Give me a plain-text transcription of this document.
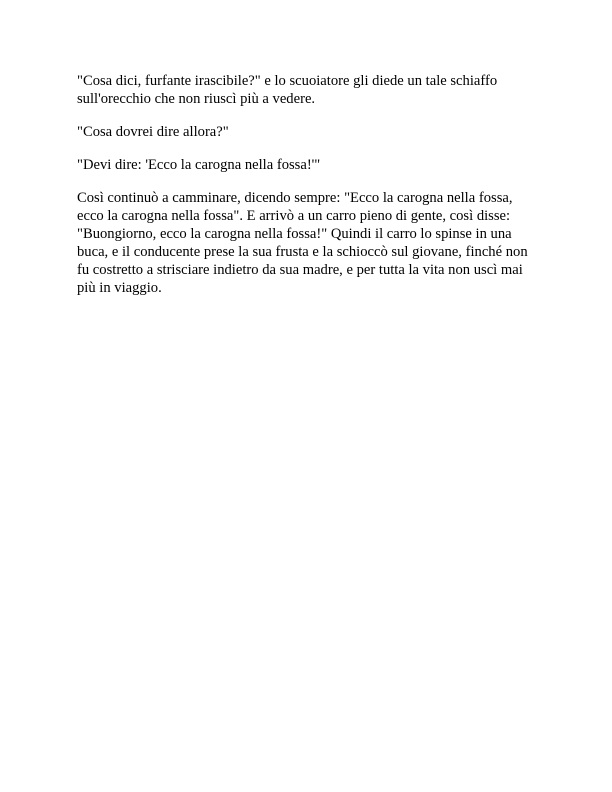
"Cosa dici, furfante irascibile?" e lo scuoiatore gli diede un tale schiaffo sull'orecchio che non riuscì più a vedere.

"Cosa dovrei dire allora?"

"Devi dire: 'Ecco la carogna nella fossa!'"

Così continuò a camminare, dicendo sempre: "Ecco la carogna nella fossa, ecco la carogna nella fossa". E arrivò a un carro pieno di gente, così disse: "Buongiorno, ecco la carogna nella fossa!" Quindi il carro lo spinse in una buca, e il conducente prese la sua frusta e la schioccò sul giovane, finché non fu costretto a strisciare indietro da sua madre, e per tutta la vita non uscì mai più in viaggio.
